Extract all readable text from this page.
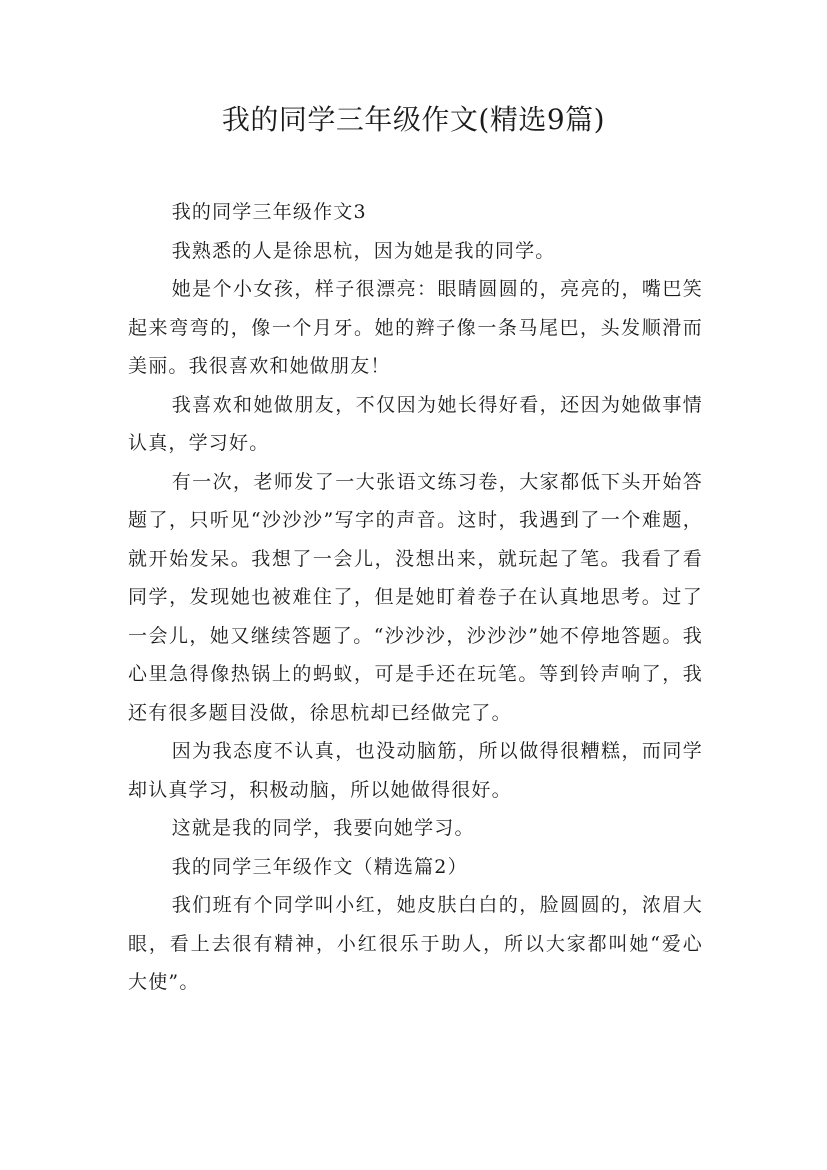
我的同学三年级作文(精选9篇)

我的同学三年级作文3

我熟悉的人是徐思杭，因为她是我的同学。

她是个小女孩，样子很漂亮：眼睛圆圆的，亮亮的，嘴巴笑起来弯弯的，像一个月牙。她的辫子像一条马尾巴，头发顺滑而美丽。我很喜欢和她做朋友！

我喜欢和她做朋友，不仅因为她长得好看，还因为她做事情认真，学习好。

有一次，老师发了一大张语文练习卷，大家都低下头开始答题了，只听见“沙沙沙”写字的声音。这时，我遇到了一个难题，就开始发呆。我想了一会儿，没想出来，就玩起了笔。我看了看同学，发现她也被难住了，但是她盯着卷子在认真地思考。过了一会儿，她又继续答题了。“沙沙沙，沙沙沙”她不停地答题。我心里急得像热锅上的蚂蚁，可是手还在玩笔。等到铃声响了，我还有很多题目没做，徐思杭却已经做完了。

因为我态度不认真，也没动脑筋，所以做得很糟糕，而同学却认真学习，积极动脑，所以她做得很好。

这就是我的同学，我要向她学习。

我的同学三年级作文（精选篇2）

我们班有个同学叫小红，她皮肤白白的，脸圆圆的，浓眉大眼，看上去很有精神，小红很乐于助人，所以大家都叫她“爱心大使”。
